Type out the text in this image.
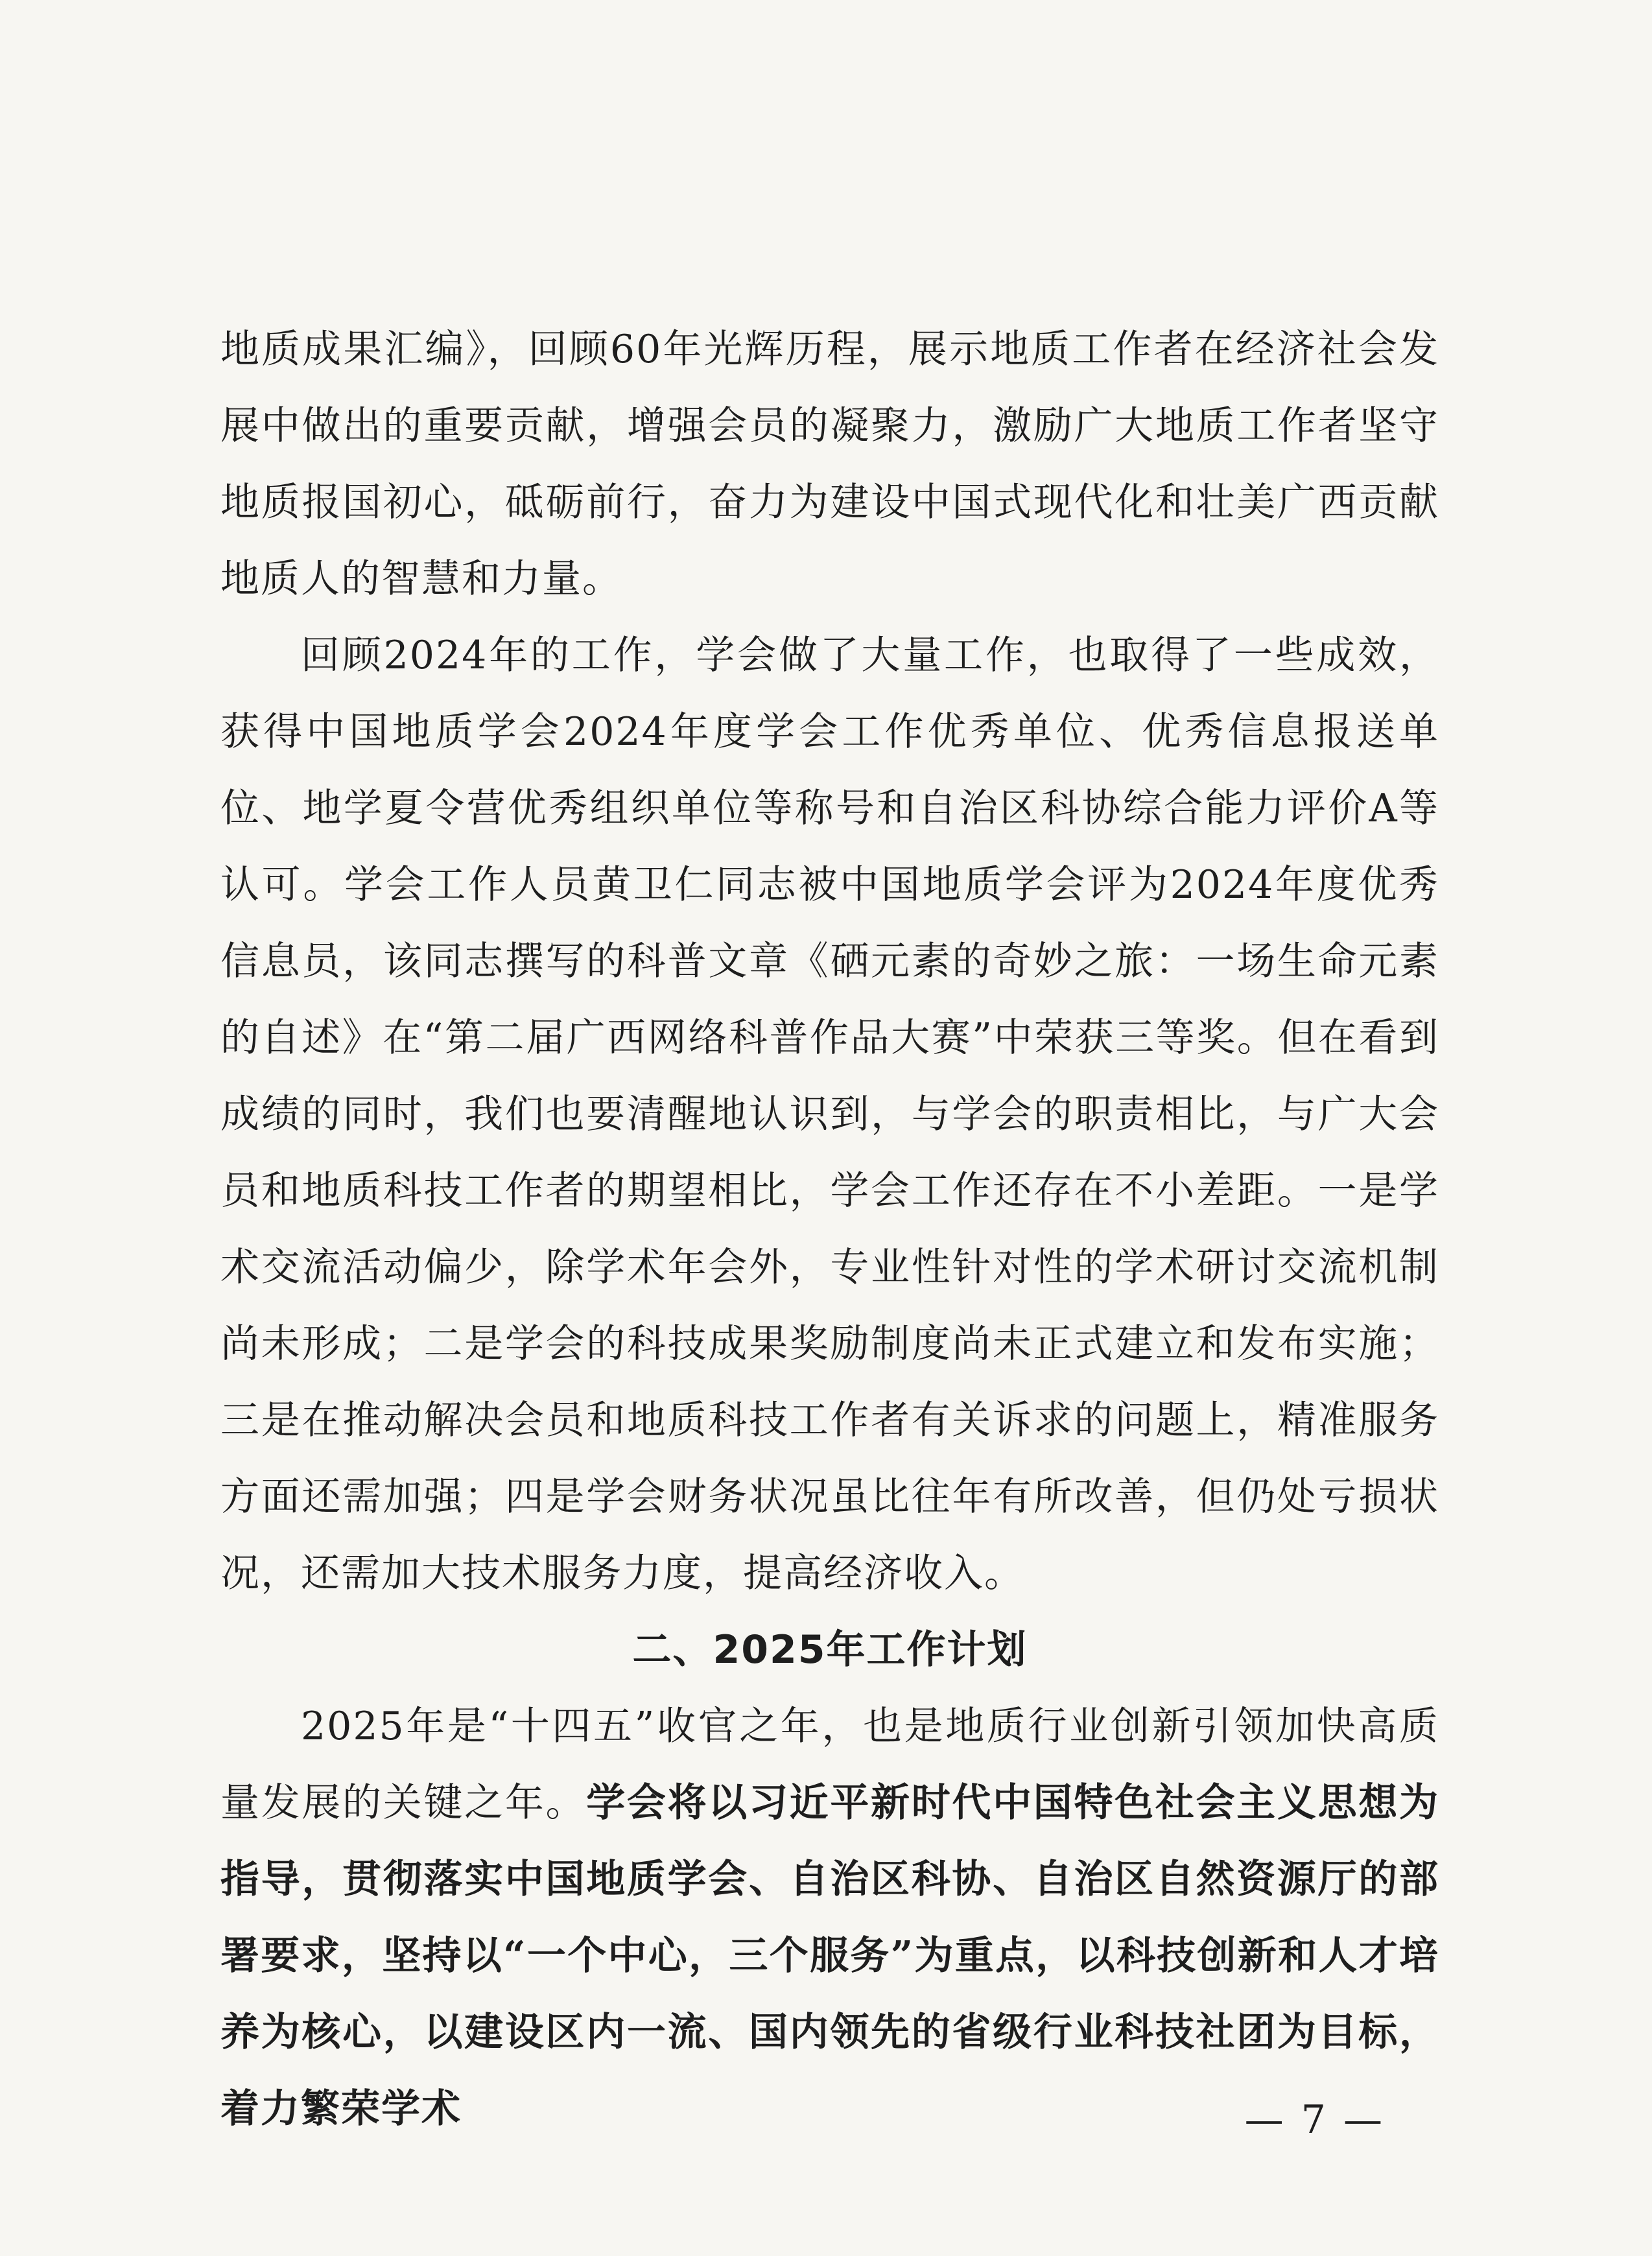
地质成果汇编》，回顾60年光辉历程，展示地质工作者在经济社会发展中做出的重要贡献，增强会员的凝聚力，激励广大地质工作者坚守地质报国初心，砥砺前行，奋力为建设中国式现代化和壮美广西贡献地质人的智慧和力量。

回顾2024年的工作，学会做了大量工作，也取得了一些成效，获得中国地质学会2024年度学会工作优秀单位、优秀信息报送单位、地学夏令营优秀组织单位等称号和自治区科协综合能力评价A等认可。学会工作人员黄卫仁同志被中国地质学会评为2024年度优秀信息员，该同志撰写的科普文章《硒元素的奇妙之旅：一场生命元素的自述》在“第二届广西网络科普作品大赛”中荣获三等奖。但在看到成绩的同时，我们也要清醒地认识到，与学会的职责相比，与广大会员和地质科技工作者的期望相比，学会工作还存在不小差距。一是学术交流活动偏少，除学术年会外，专业性针对性的学术研讨交流机制尚未形成；二是学会的科技成果奖励制度尚未正式建立和发布实施；三是在推动解决会员和地质科技工作者有关诉求的问题上，精准服务方面还需加强；四是学会财务状况虽比往年有所改善，但仍处亏损状况，还需加大技术服务力度，提高经济收入。

二、2025年工作计划

2025年是“十四五”收官之年，也是地质行业创新引领加快高质量发展的关键之年。学会将以习近平新时代中国特色社会主义思想为指导，贯彻落实中国地质学会、自治区科协、自治区自然资源厅的部署要求，坚持以“一个中心，三个服务”为重点，以科技创新和人才培养为核心，以建设区内一流、国内领先的省级行业科技社团为目标，着力繁荣学术	— 7 —
